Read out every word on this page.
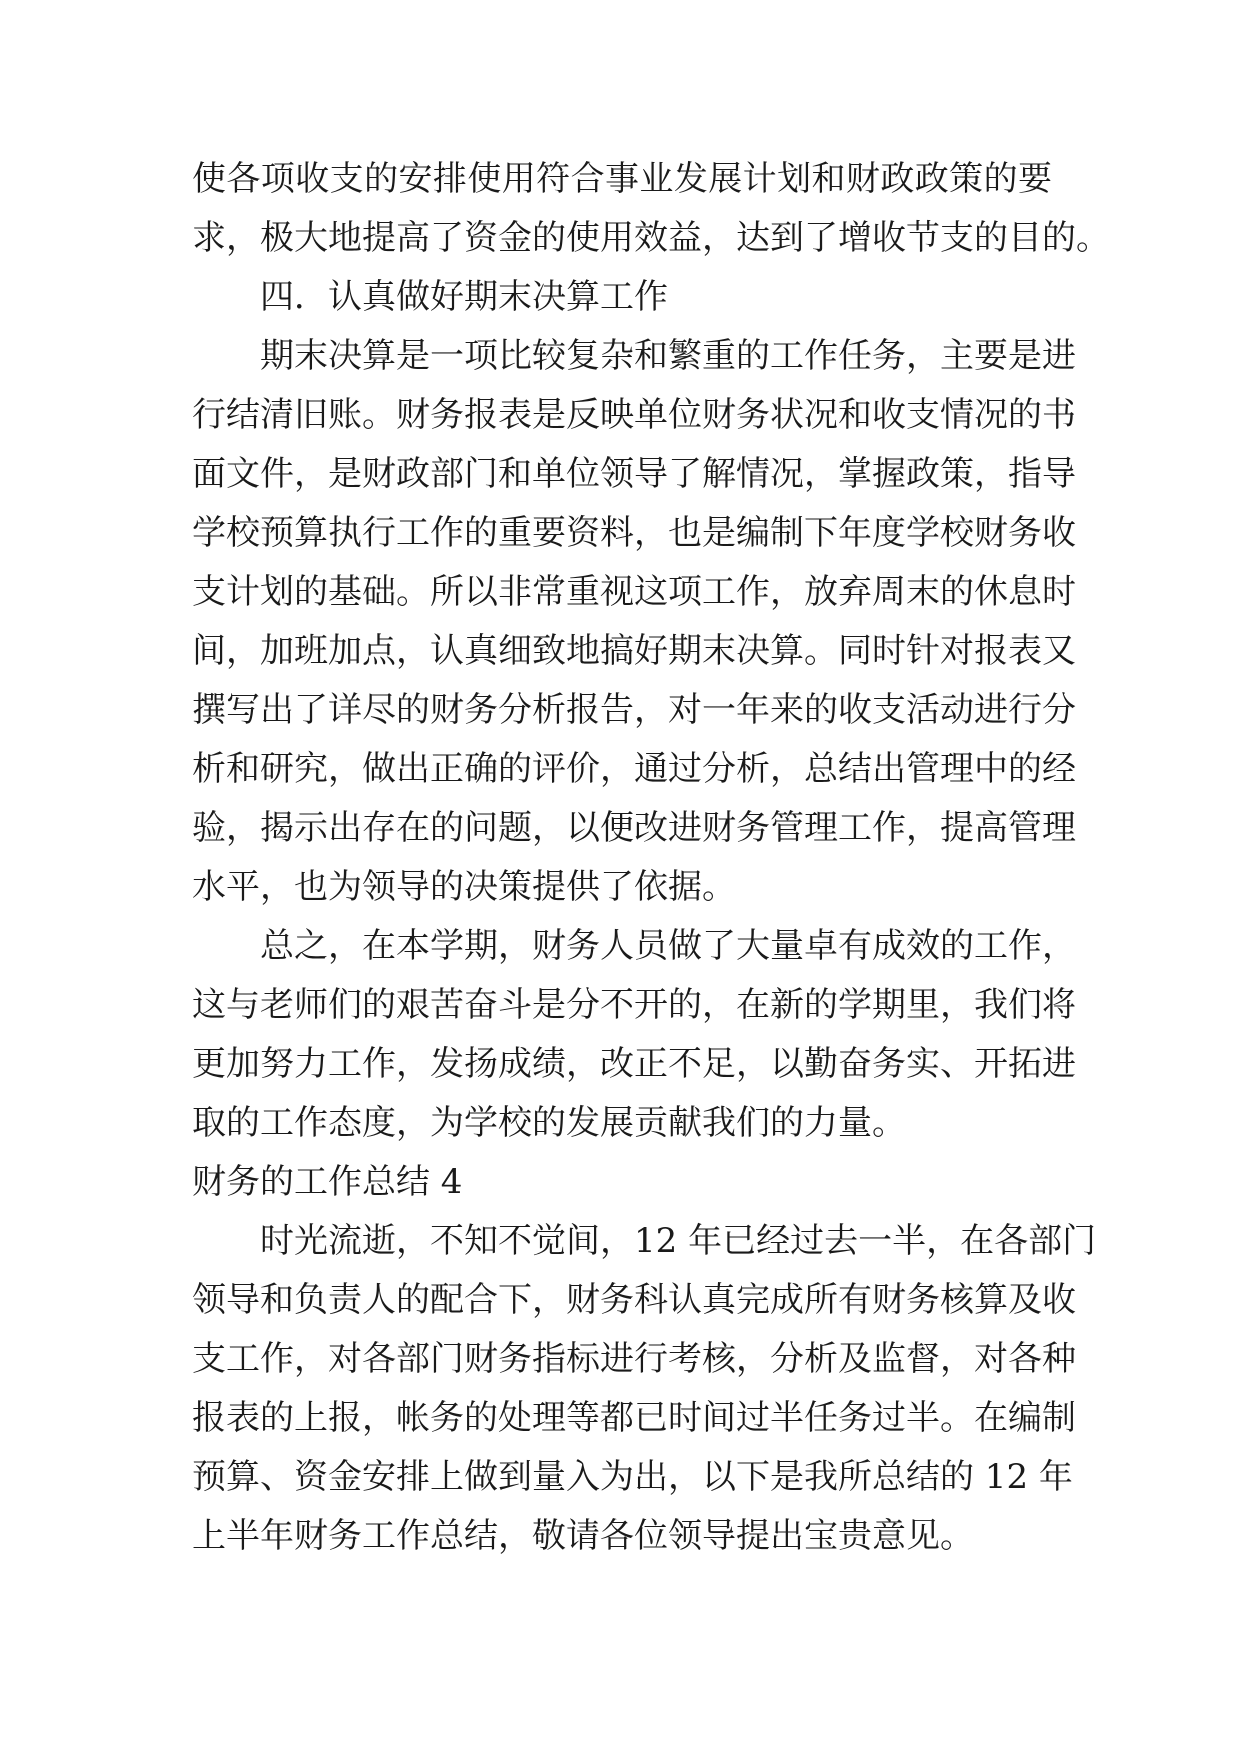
使各项收支的安排使用符合事业发展计划和财政政策的要
求，极大地提高了资金的使用效益，达到了增收节支的目的。
四．认真做好期末决算工作
期末决算是一项比较复杂和繁重的工作任务，主要是进
行结清旧账。财务报表是反映单位财务状况和收支情况的书
面文件，是财政部门和单位领导了解情况，掌握政策，指导
学校预算执行工作的重要资料，也是编制下年度学校财务收
支计划的基础。所以非常重视这项工作，放弃周末的休息时
间，加班加点，认真细致地搞好期末决算。同时针对报表又
撰写出了详尽的财务分析报告，对一年来的收支活动进行分
析和研究，做出正确的评价，通过分析，总结出管理中的经
验，揭示出存在的问题，以便改进财务管理工作，提高管理
水平，也为领导的决策提供了依据。
总之，在本学期，财务人员做了大量卓有成效的工作，
这与老师们的艰苦奋斗是分不开的，在新的学期里，我们将
更加努力工作，发扬成绩，改正不足，以勤奋务实、开拓进
取的工作态度，为学校的发展贡献我们的力量。
财务的工作总结 4
时光流逝，不知不觉间，12 年已经过去一半，在各部门
领导和负责人的配合下，财务科认真完成所有财务核算及收
支工作，对各部门财务指标进行考核，分析及监督，对各种
报表的上报，帐务的处理等都已时间过半任务过半。在编制
预算、资金安排上做到量入为出，以下是我所总结的 12 年
上半年财务工作总结，敬请各位领导提出宝贵意见。
